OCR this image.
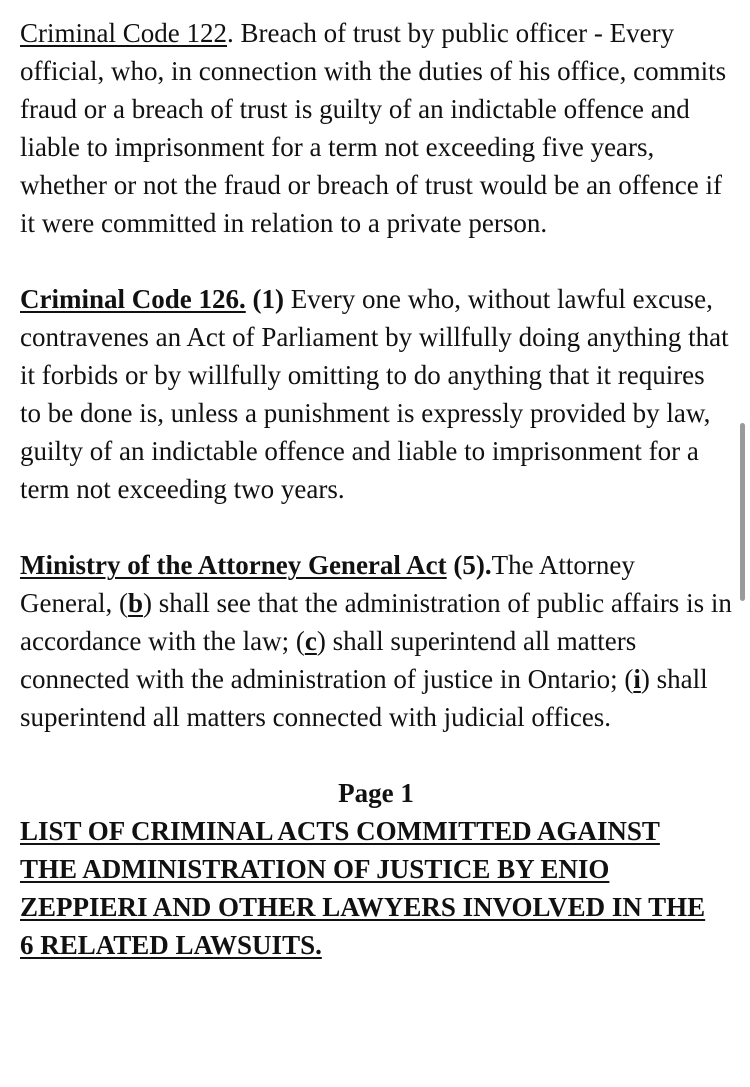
Criminal Code 122. Breach of trust by public officer - Every official, who, in connection with the duties of his office, commits fraud or a breach of trust is guilty of an indictable offence and liable to imprisonment for a term not exceeding five years, whether or not the fraud or breach of trust would be an offence if it were committed in relation to a private person.

Criminal Code 126. (1) Every one who, without lawful excuse, contravenes an Act of Parliament by willfully doing anything that it forbids or by willfully omitting to do anything that it requires to be done is, unless a punishment is expressly provided by law, guilty of an indictable offence and liable to imprisonment for a term not exceeding two years.

Ministry of the Attorney General Act (5).The Attorney General, (b) shall see that the administration of public affairs is in accordance with the law; (c) shall superintend all matters connected with the administration of justice in Ontario; (i) shall superintend all matters connected with judicial offices.

Page 1

LIST OF CRIMINAL ACTS COMMITTED AGAINST THE ADMINISTRATION OF JUSTICE BY ENIO ZEPPIERI AND OTHER LAWYERS INVOLVED IN THE 6 RELATED LAWSUITS.
